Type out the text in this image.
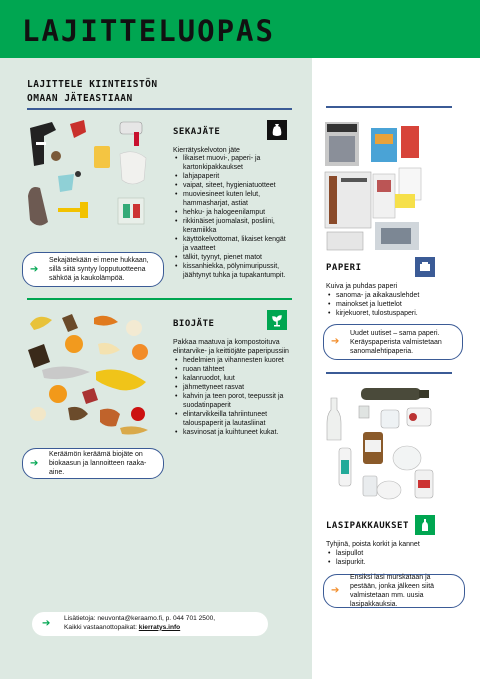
LAJITTELUOPAS
LAJITTELE KIINTEISTÖN
OMAAN JÄTEASTIAAN
SEKAJÄTE
Kierrätyskelvoton jäte
• likaiset muovi-, paperi- ja kartonkipakkaukset
• lahjapaperit
• vaipat, siteet, hygieniatuotteet
• muoviesineet kuten lelut, hammasharjat, astiat
• hehku- ja halogeenilamput
• rikkinäiset juomalasit, posliini, keramiikka
• käyttökelvottomat, likaiset kengät ja vaatteet
• tälkit, tyynyt, pienet matot
• kissanhiekka, pölynimuripussit, jäähtynyt tuhka ja tupakantumpit.
➔
Sekajätekään ei mene hukkaan, sillä siitä syntyy lopputuotteena sähköä ja kaukolämpöä.
BIOJÄTE
Pakkaa maatuva ja kompostoituva elintarvike- ja keittiöjäte paperipussiin
• hedelmien ja vihannesten kuoret
• ruoan tähteet
• kalanruodot, luut
• jähmettyneet rasvat
• kahvin ja teen porot, teepussit ja suodatinpaperit
• elintarvikkeilla tahriintuneet talouspaperit ja lautasliinat
• kasvinosat ja kuihtuneet kukat.
➔
Keräämön keräämä biojäte on biokaasun ja lannoitteen raaka-aine.
➔ Lisätietoja: neuvonta@keraamo.fi, p. 044 701 2500,
Kaikki vastaanottopaikat: kierratys.info
PAPERI
Kuiva ja puhdas paperi
• sanoma- ja aikakauslehdet
• mainokset ja luettelot
• kirjekuoret, tulostuspaperi.
➔
Uudet uutiset – sama paperi. Keräyspaperista valmistetaan sanomalehtipaperia.
LASIPAKKAUKSET
Tyhjinä, poista korkit ja kannet
• lasipullot
• lasipurkit.
➔
Ensiksi lasi murskataan ja pestään, jonka jälkeen siitä valmistetaan mm. uusia lasipakkauksia.
